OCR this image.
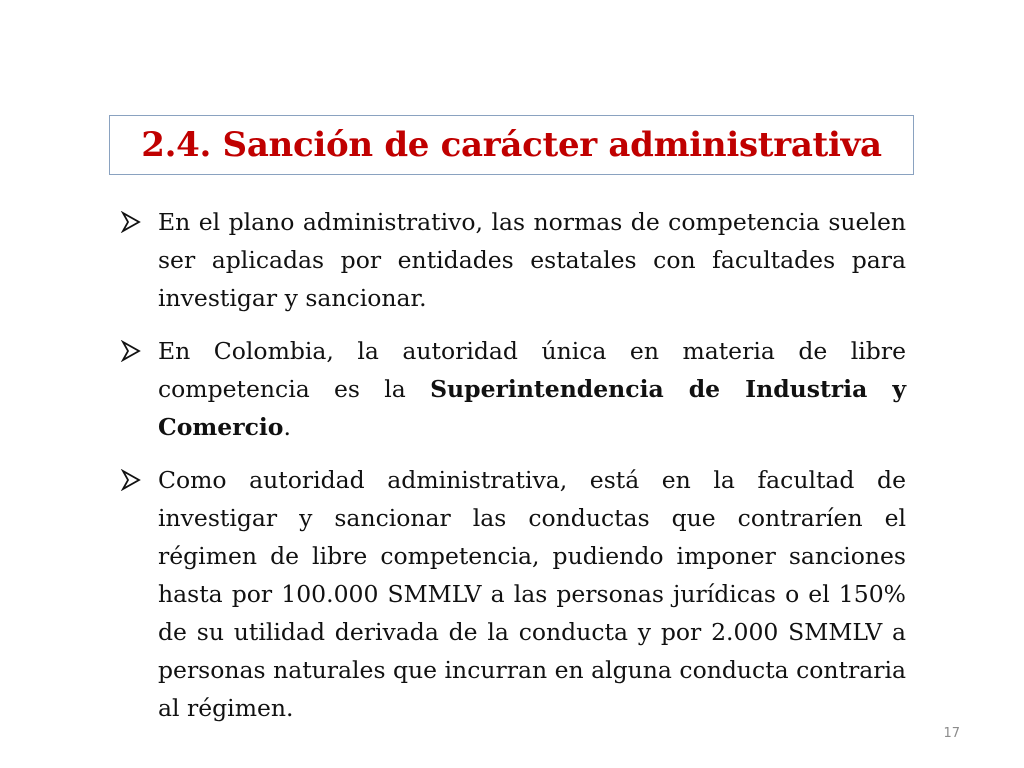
2.4. Sanción de carácter administrativa
En el plano administrativo, las normas de competencia suelen ser aplicadas por entidades estatales con facultades para investigar y sancionar.
En Colombia, la autoridad única en materia de libre competencia es la Superintendencia de Industria y Comercio.
Como autoridad administrativa, está en la facultad de investigar y sancionar las conductas que contraríen el régimen de libre competencia, pudiendo imponer sanciones hasta por 100.000 SMMLV a las personas jurídicas o el 150% de su utilidad derivada de la conducta y por 2.000 SMMLV a personas naturales que incurran en alguna conducta contraria al régimen.
17
